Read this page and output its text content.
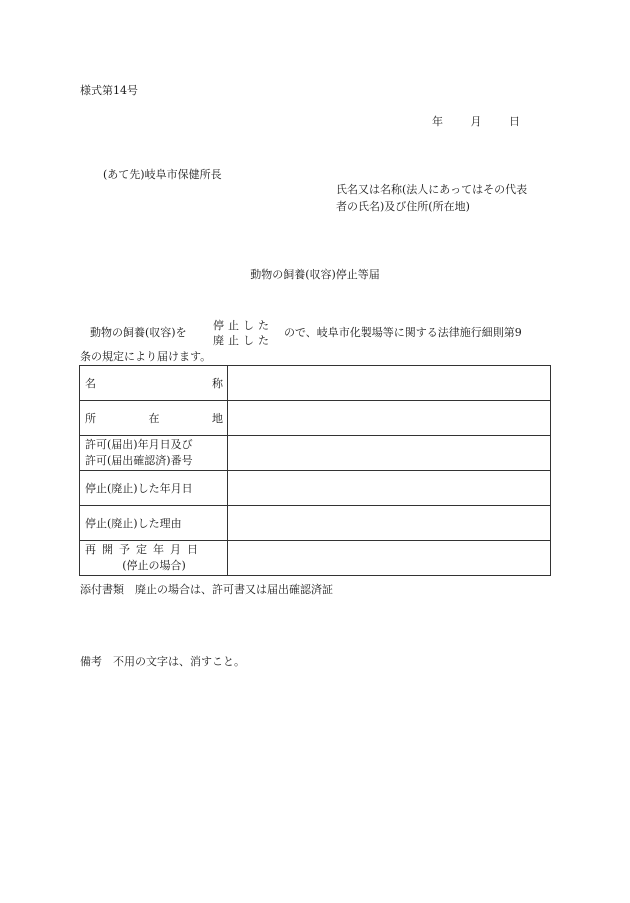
様式第14号
年	月	日
(あて先)岐阜市保健所長
氏名又は名称(法人にあってはその代表者の氏名)及び住所(所在地)
動物の飼養(収容)停止等届
動物の飼養(収容)を
停止した
廃止した
ので、岐阜市化製場等に関する法律施行細則第9
条の規定により届けます。
名 称	

所 在 地	

許可(届出)年月日及び
許可(届出確認済)番号	

停止(廃止)した年月日	
停止(廃止)した理由	

再開予定年月日
(停止の場合)	

添付書類　廃止の場合は、許可書又は届出確認済証
備考　不用の文字は、消すこと。
